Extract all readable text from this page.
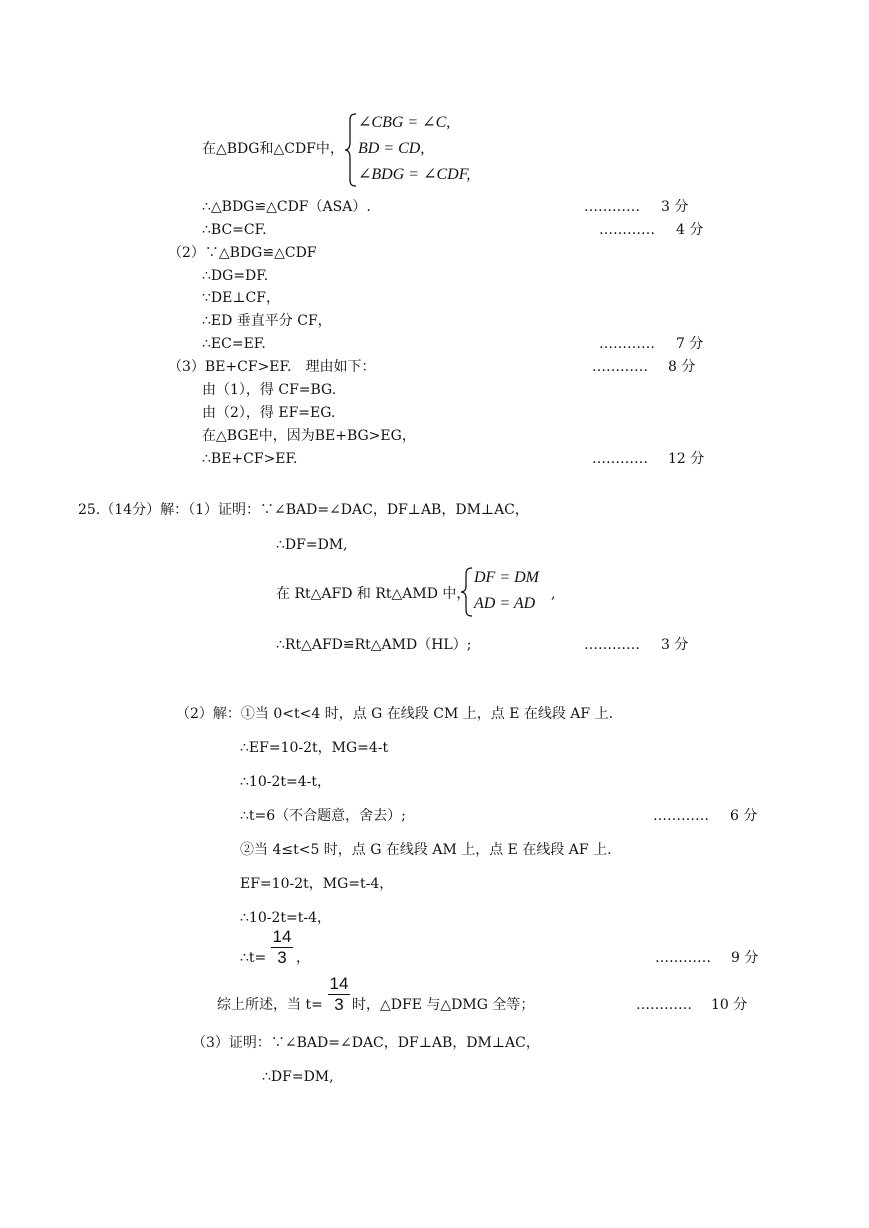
在△BDG和△CDF中，
∠CBG = ∠C,
BD = CD,
∠BDG = ∠CDF,
∴△BDG≌△CDF（ASA）.	………… 3 分
∴BC=CF.	………… 4 分
（2）∵△BDG≌△CDF
∴DG=DF.
∵DE⊥CF，
∴ED 垂直平分 CF，
∴EC=EF.	………… 7 分
（3）BE+CF>EF.　理由如下：	………… 8 分
由（1），得 CF=BG.
由（2），得 EF=EG.
在△BGE中，因为BE+BG>EG，
∴BE+CF>EF.	………… 12 分
25.（14分）解：（1）证明：∵∠BAD=∠DAC，DF⊥AB，DM⊥AC，
∴DF=DM,
在 Rt△AFD 和 Rt△AMD 中，
DF = DM
AD = AD
,
∴Rt△AFD≌Rt△AMD（HL）;	………… 3 分
（2）解：①当 0<t<4 时，点 G 在线段 CM 上，点 E 在线段 AF 上.
∴EF=10-2t，MG=4-t
∴10-2t=4-t，
∴t=6（不合题意，舍去）;	………… 6 分
②当 4≤t<5 时，点 G 在线段 AM 上，点 E 在线段 AF 上.
EF=10-2t，MG=t-4，
∴10-2t=t-4，
∴t=
14
3 ，	………… 9 分
综上所述，当 t=
14
3 时，△DFE 与△DMG 全等；	………… 10 分
（3）证明：∵∠BAD=∠DAC，DF⊥AB，DM⊥AC，
∴DF=DM,
